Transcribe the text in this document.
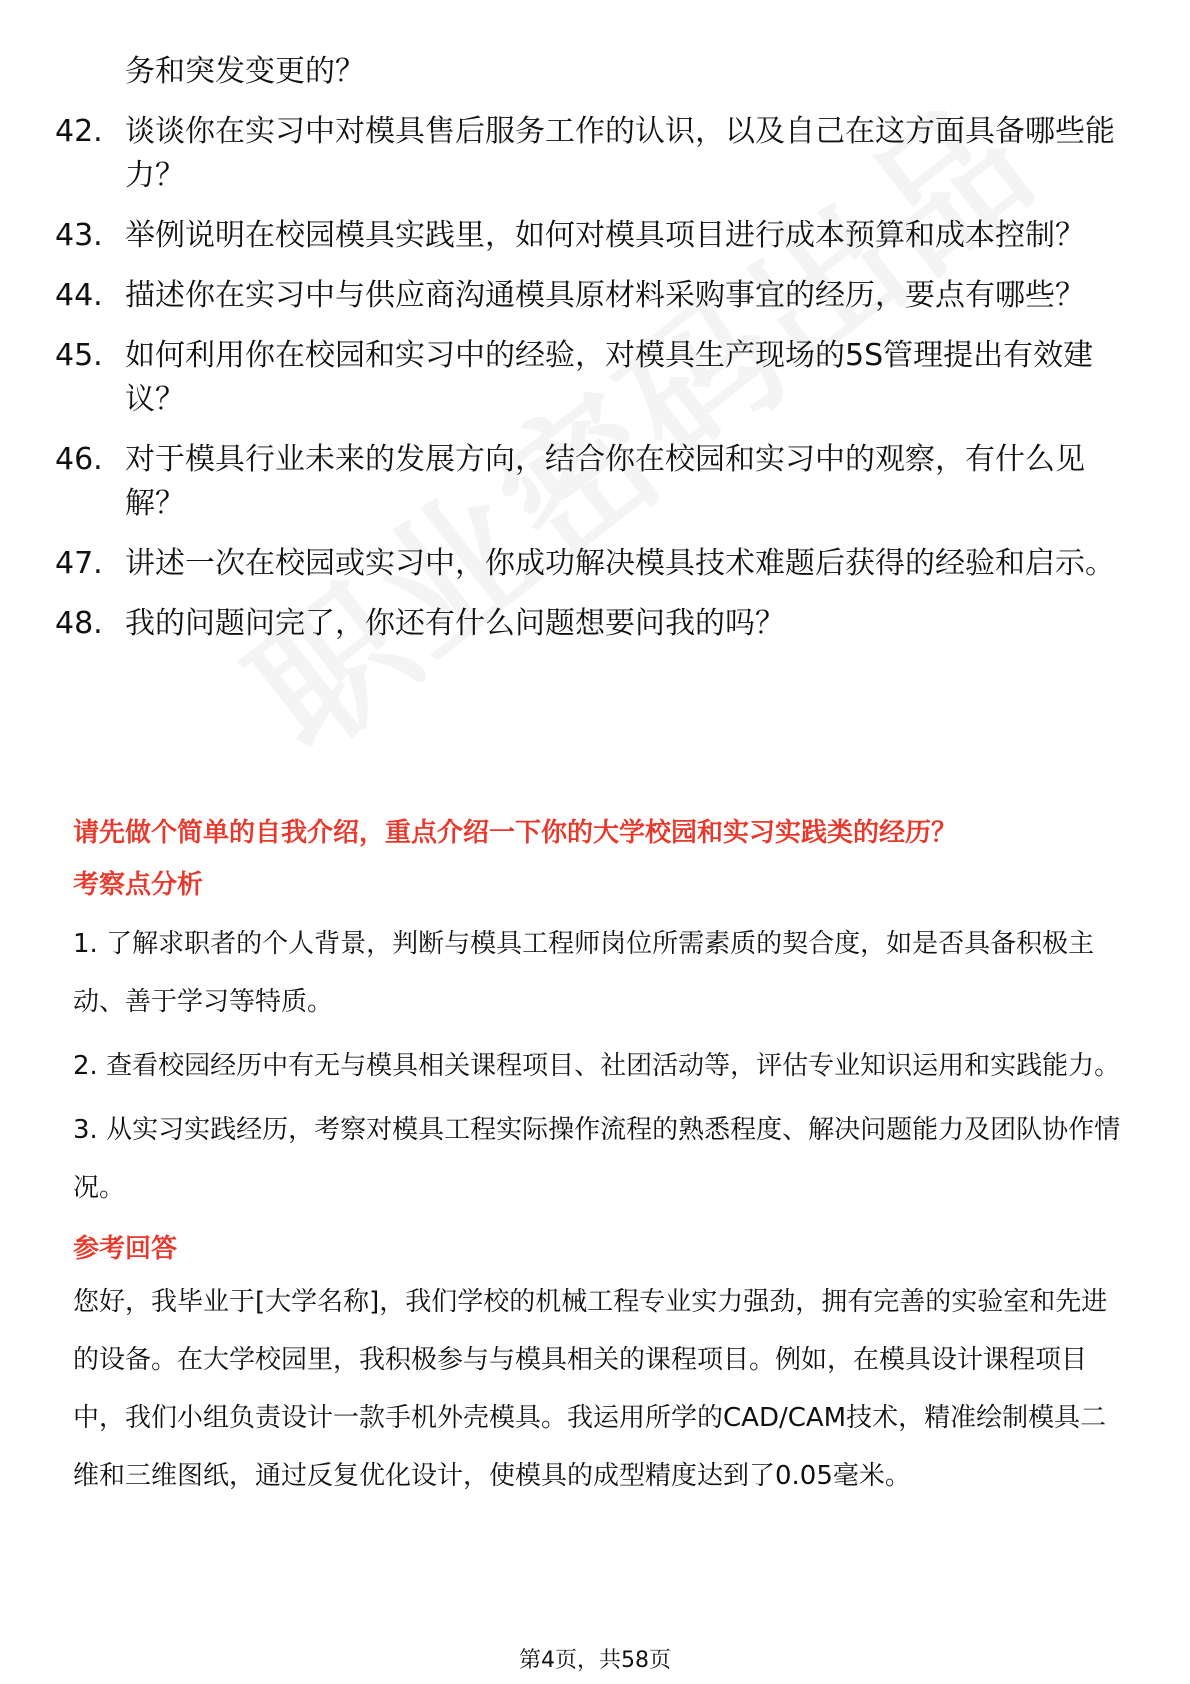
务和突发变更的？
42. 谈谈你在实习中对模具售后服务工作的认识，以及自己在这方面具备哪些能力？
43. 举例说明在校园模具实践里，如何对模具项目进行成本预算和成本控制？
44. 描述你在实习中与供应商沟通模具原材料采购事宜的经历，要点有哪些？
45. 如何利用你在校园和实习中的经验，对模具生产现场的5S管理提出有效建议？
46. 对于模具行业未来的发展方向，结合你在校园和实习中的观察，有什么见解？
47. 讲述一次在校园或实习中，你成功解决模具技术难题后获得的经验和启示。
48. 我的问题问完了，你还有什么问题想要问我的吗？
请先做个简单的自我介绍，重点介绍一下你的大学校园和实习实践类的经历？
考察点分析

1. 了解求职者的个人背景，判断与模具工程师岗位所需素质的契合度，如是否具备积极主动、善于学习等特质。

2. 查看校园经历中有无与模具相关课程项目、社团活动等，评估专业知识运用和实践能力。

3. 从实习实践经历，考察对模具工程实际操作流程的熟悉程度、解决问题能力及团队协作情况。

参考回答

您好，我毕业于[大学名称]，我们学校的机械工程专业实力强劲，拥有完善的实验室和先进的设备。在大学校园里，我积极参与与模具相关的课程项目。例如，在模具设计课程项目中，我们小组负责设计一款手机外壳模具。我运用所学的CAD/CAM技术，精准绘制模具二维和三维图纸，通过反复优化设计，使模具的成型精度达到了0.05毫米。

第4页，共58页
